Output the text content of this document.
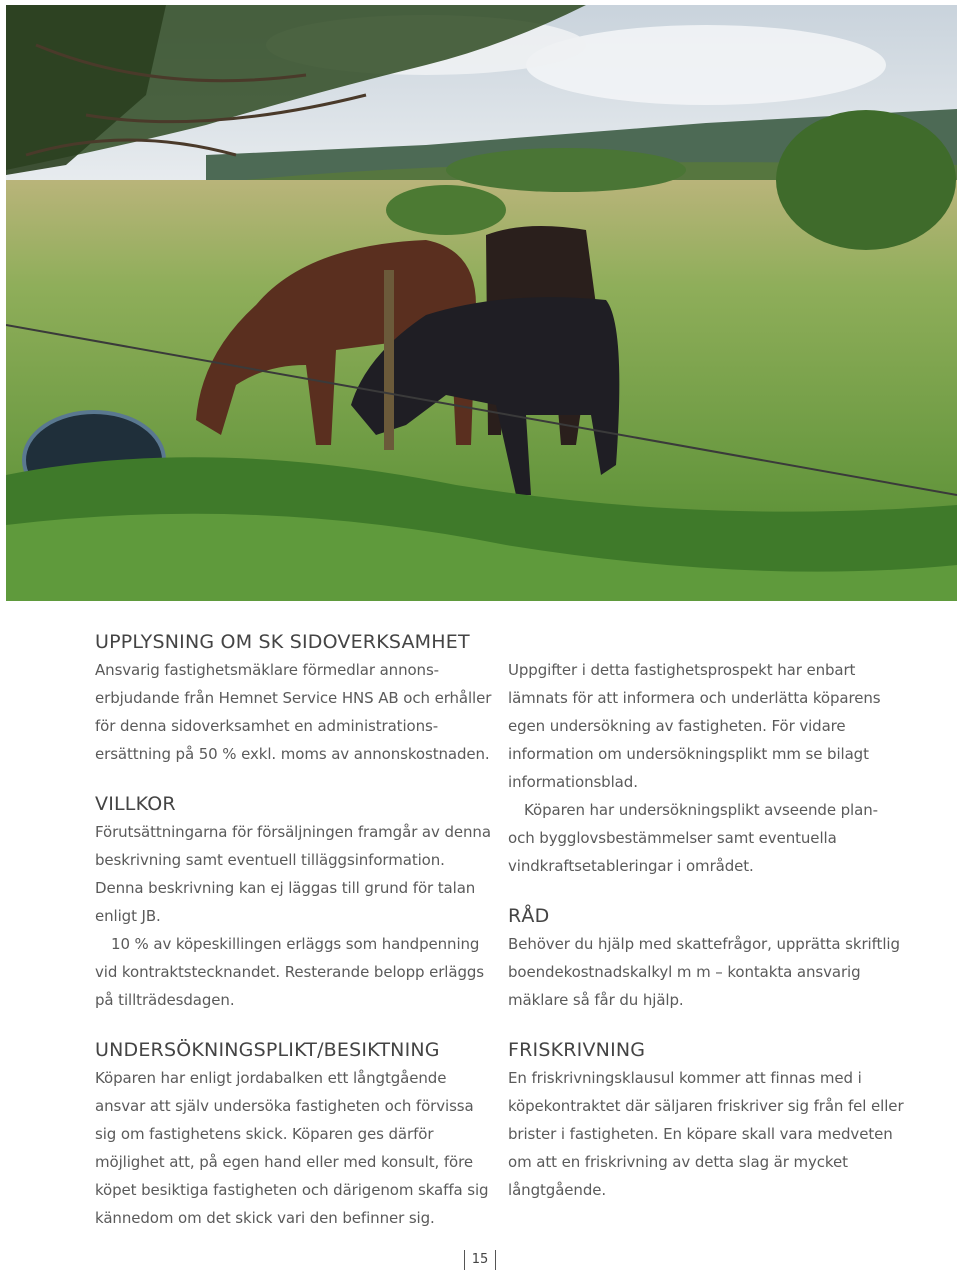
UPPLYSNING OM SK SIDOVERKSAMHET

Ansvarig fastighetsmäklare förmedlar annons-erbjudande från Hemnet Service HNS AB och erhåller för denna sidoverksamhet en administrations-ersättning på 50 % exkl. moms av annonskostnaden.

VILLKOR

Förutsättningarna för försäljningen framgår av denna beskrivning samt eventuell tilläggsinformation. Denna beskrivning kan ej läggas till grund för talan enligt JB.

10 % av köpeskillingen erläggs som handpenning vid kontraktstecknandet. Resterande belopp erläggs på tillträdesdagen.

UNDERSÖKNINGSPLIKT/BESIKTNING

Köparen har enligt jordabalken ett långtgående ansvar att själv undersöka fastigheten och förvissa sig om fastighetens skick. Köparen ges därför möjlighet att, på egen hand eller med konsult, före köpet besiktiga fastigheten och därigenom skaffa sig kännedom om det skick vari den befinner sig.

Uppgifter i detta fastighetsprospekt har enbart lämnats för att informera och underlätta köparens egen undersökning av fastigheten. För vidare information om undersökningsplikt mm se bilagt informationsblad.

Köparen har undersökningsplikt avseende plan- och bygglovsbestämmelser samt eventuella vindkraftsetableringar i området.

RÅD

Behöver du hjälp med skattefrågor, upprätta skriftlig boendekostnadskalkyl m m – kontakta ansvarig mäklare så får du hjälp.

FRISKRIVNING

En friskrivningsklausul kommer att finnas med i köpekontraktet där säljaren friskriver sig från fel eller brister i fastigheten. En köpare skall vara medveten om att en friskrivning av detta slag är mycket långtgående.

15
